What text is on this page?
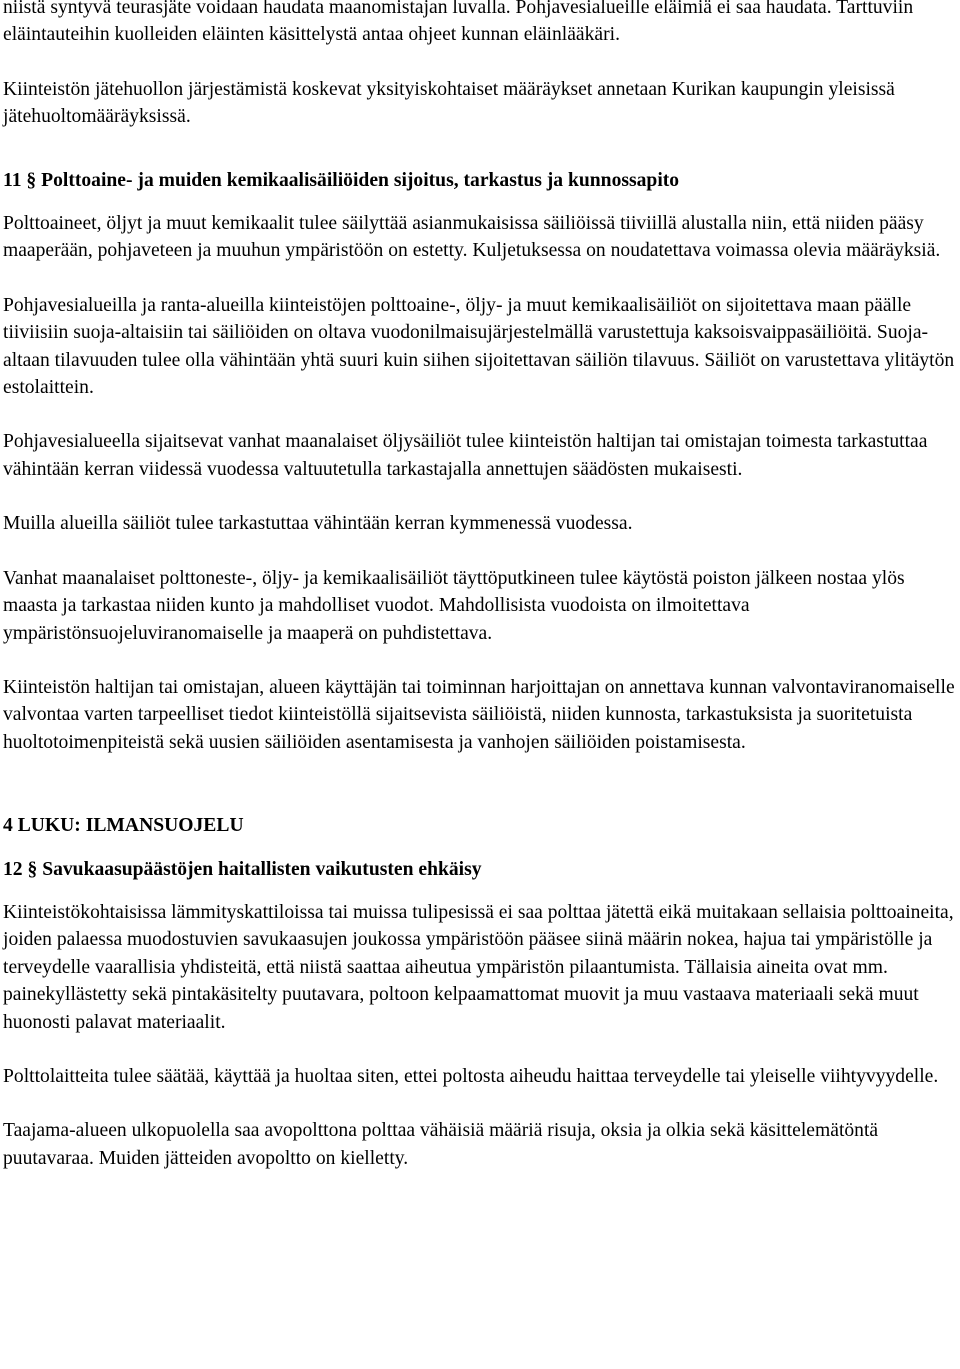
niistä syntyvä teurasjäte voidaan haudata maanomistajan luvalla. Pohjavesialueille eläimiä ei saa haudata. Tarttuviin eläintauteihin kuolleiden eläinten käsittelystä antaa ohjeet kunnan eläinlääkäri.

Kiinteistön jätehuollon järjestämistä koskevat yksityiskohtaiset määräykset annetaan Kurikan kaupungin yleisissä jätehuoltomääräyksissä.

11 § Polttoaine- ja muiden kemikaalisäiliöiden sijoitus, tarkastus ja kunnossapito

Polttoaineet, öljyt ja muut kemikaalit tulee säilyttää asianmukaisissa säiliöissä tiiviillä alustalla niin, että niiden pääsy maaperään, pohjaveteen ja muuhun ympäristöön on estetty. Kuljetuksessa on noudatettava voimassa olevia määräyksiä.

Pohjavesialueilla ja ranta-alueilla kiinteistöjen polttoaine-, öljy- ja muut kemikaalisäiliöt on sijoitettava maan päälle tiiviisiin suoja-altaisiin tai säiliöiden on oltava vuodonilmaisujärjestelmällä varustettuja kaksoisvaippasäiliöitä. Suoja-altaan tilavuuden tulee olla vähintään yhtä suuri kuin siihen sijoitettavan säiliön tilavuus. Säiliöt on varustettava ylitäytön estolaittein.

Pohjavesialueella sijaitsevat vanhat maanalaiset öljysäiliöt tulee kiinteistön haltijan tai omistajan toimesta tarkastuttaa vähintään kerran viidessä vuodessa valtuutetulla tarkastajalla annettujen säädösten mukaisesti.

Muilla alueilla säiliöt tulee tarkastuttaa vähintään kerran kymmenessä vuodessa.

Vanhat maanalaiset polttoneste-, öljy- ja kemikaalisäiliöt täyttöputkineen tulee käytöstä poiston jälkeen nostaa ylös maasta ja tarkastaa niiden kunto ja mahdolliset vuodot. Mahdollisista vuodoista on ilmoitettava ympäristönsuojeluviranomaiselle ja maaperä on puhdistettava.

Kiinteistön haltijan tai omistajan, alueen käyttäjän tai toiminnan harjoittajan on annettava kunnan valvontaviranomaiselle valvontaa varten tarpeelliset tiedot kiinteistöllä sijaitsevista säiliöistä, niiden kunnosta, tarkastuksista ja suoritetuista huoltotoimenpiteistä sekä uusien säiliöiden asentamisesta ja vanhojen säiliöiden poistamisesta.

4 LUKU: ILMANSUOJELU

12 § Savukaasupäästöjen haitallisten vaikutusten ehkäisy

Kiinteistökohtaisissa lämmityskattiloissa tai muissa tulipesissä ei saa polttaa jätettä eikä muitakaan sellaisia polttoaineita, joiden palaessa muodostuvien savukaasujen joukossa ympäristöön pääsee siinä määrin nokea, hajua tai ympäristölle ja terveydelle vaarallisia yhdisteitä, että niistä saattaa aiheutua ympäristön pilaantumista. Tällaisia aineita ovat mm. painekyllästetty sekä pintakäsitelty puutavara, poltoon kelpaamattomat muovit ja muu vastaava materiaali sekä muut huonosti palavat materiaalit.

Polttolaitteita tulee säätää, käyttää ja huoltaa siten, ettei poltosta aiheudu haittaa terveydelle tai yleiselle viihtyvyydelle.

Taajama-alueen ulkopuolella saa avopolttona polttaa vähäisiä määriä risuja, oksia ja olkia sekä käsittelemätöntä puutavaraa. Muiden jätteiden avopoltto on kielletty.
